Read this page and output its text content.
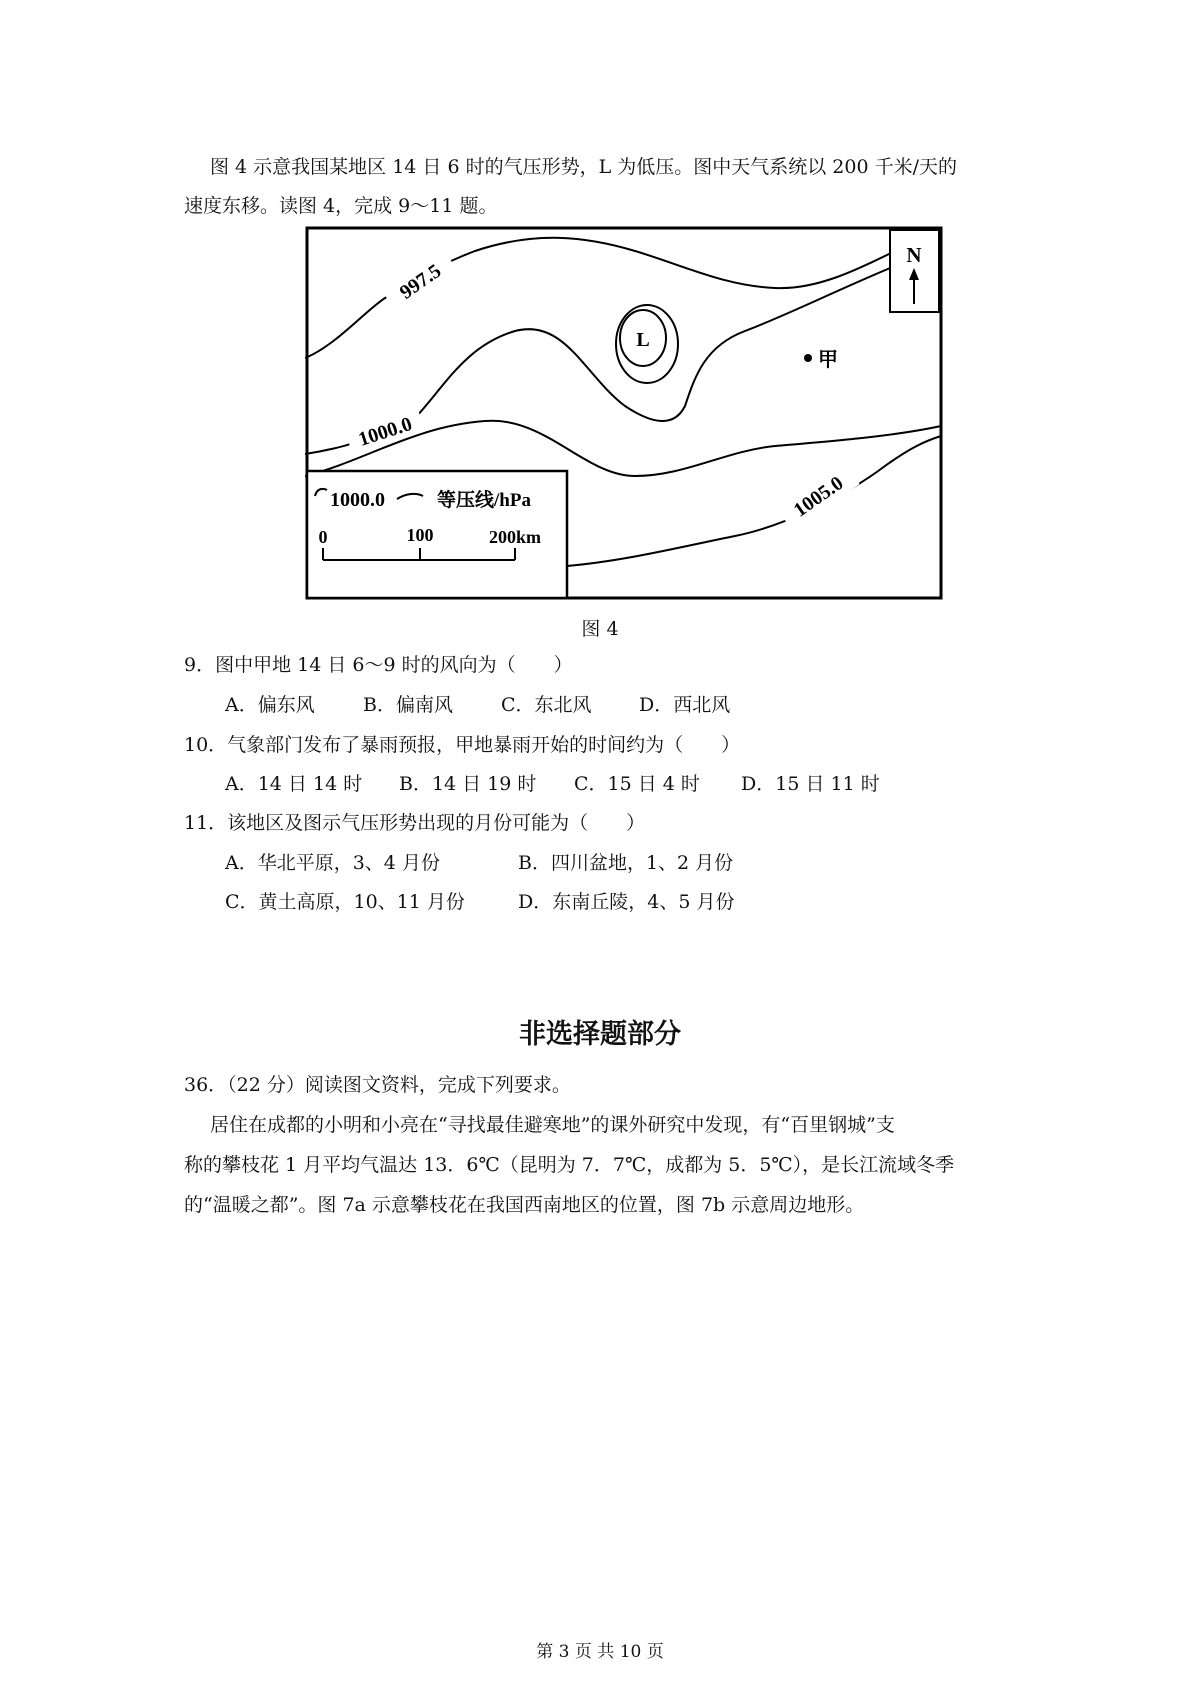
图 4 示意我国某地区 14 日 6 时的气压形势，L 为低压。图中天气系统以 200 千米/天的
速度东移。读图 4，完成 9～11 题。
L
甲
997.5
1000.0
1005.0
N
1000.0	等压线/hPa
0	100	200km
图 4
9．图中甲地 14 日 6～9 时的风向为（　　）
A．偏东风	B．偏南风	C．东北风 D．西北风
10．气象部门发布了暴雨预报，甲地暴雨开始的时间约为（　　）
A．14 日 14 时 B．14 日 19 时 C．15 日 4 时 D．15 日 11 时
11．该地区及图示气压形势出现的月份可能为（　　）
A．华北平原，3、4 月份	B．四川盆地，1、2 月份
C．黄土高原，10、11 月份	D．东南丘陵，4、5 月份
非选择题部分
36．（22 分）阅读图文资料，完成下列要求。
居住在成都的小明和小亮在“寻找最佳避寒地”的课外研究中发现，有“百里钢城”支
称的攀枝花 1 月平均气温达 13．6℃（昆明为 7．7℃，成都为 5．5℃），是长江流域冬季
的“温暖之都”。图 7a 示意攀枝花在我国西南地区的位置，图 7b 示意周边地形。
第 3 页 共 10 页
